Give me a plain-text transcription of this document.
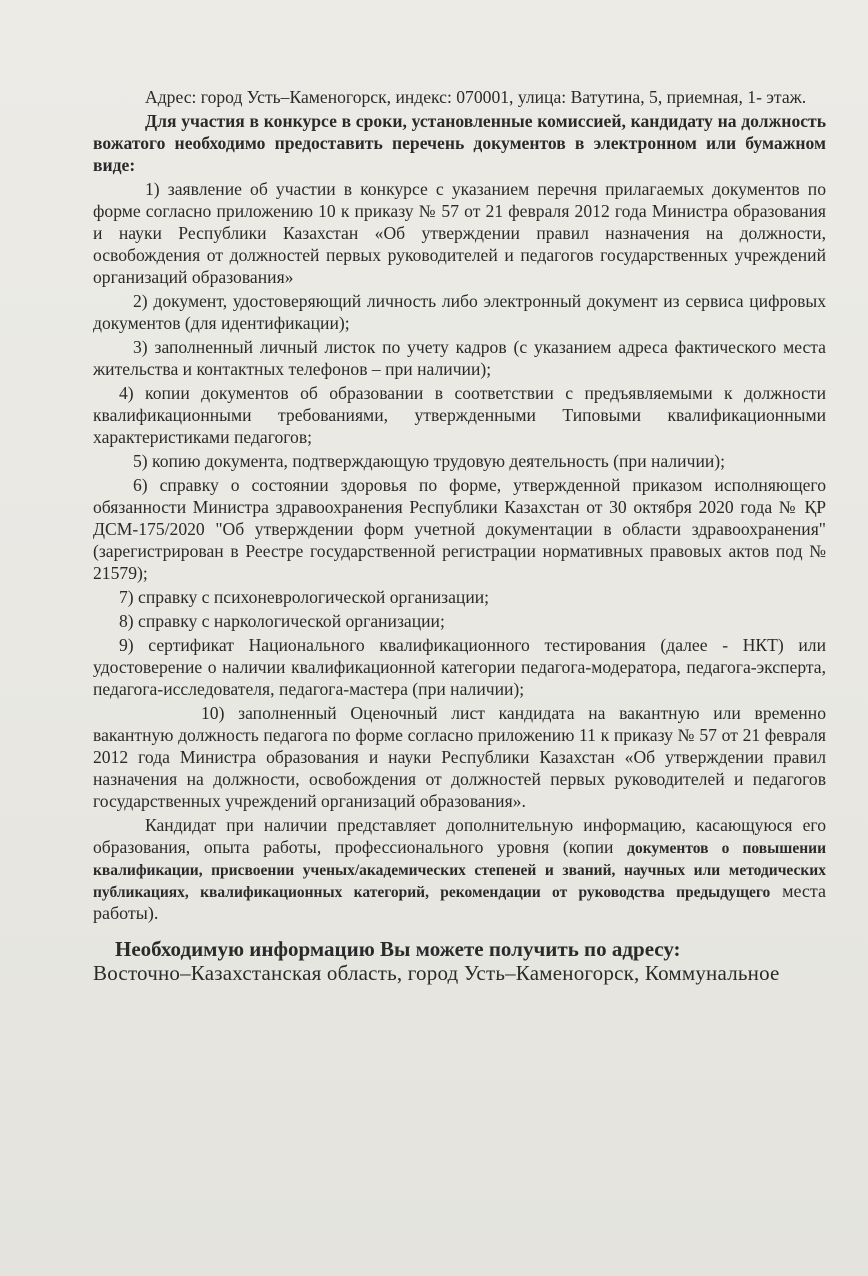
Адрес: город Усть–Каменогорск, индекс: 070001, улица: Ватутина, 5, приемная, 1- этаж.

Для участия в конкурсе в сроки, установленные комиссией, кандидату на должность вожатого необходимо предоставить перечень документов в электронном или бумажном виде:

1) заявление об участии в конкурсе с указанием перечня прилагаемых документов по форме согласно приложению 10 к приказу № 57 от 21 февраля 2012 года Министра образования и науки Республики Казахстан «Об утверждении правил назначения на должности, освобождения от должностей первых руководителей и педагогов государственных учреждений организаций образования»

2) документ, удостоверяющий личность либо электронный документ из сервиса цифровых документов (для идентификации);

3) заполненный личный листок по учету кадров (с указанием адреса фактического места жительства и контактных телефонов – при наличии);

4) копии документов об образовании в соответствии с предъявляемыми к должности квалификационными требованиями, утвержденными Типовыми квалификационными характеристиками педагогов;

5) копию документа, подтверждающую трудовую деятельность (при наличии);

6) справку о состоянии здоровья по форме, утвержденной приказом исполняющего обязанности Министра здравоохранения Республики Казахстан от 30 октября 2020 года № ҚР ДСМ-175/2020 "Об утверждении форм учетной документации в области здравоохранения" (зарегистрирован в Реестре государственной регистрации нормативных правовых актов под № 21579);

7) справку с психоневрологической организации;

8) справку с наркологической организации;

9) сертификат Национального квалификационного тестирования (далее - НКТ) или удостоверение о наличии квалификационной категории педагога-модератора, педагога-эксперта, педагога-исследователя, педагога-мастера (при наличии);

10) заполненный Оценочный лист кандидата на вакантную или временно вакантную должность педагога по форме согласно приложению 11 к приказу № 57 от 21 февраля 2012 года Министра образования и науки Республики Казахстан «Об утверждении правил назначения на должности, освобождения от должностей первых руководителей и педагогов государственных учреждений организаций образования».

Кандидат при наличии представляет дополнительную информацию, касающуюся его образования, опыта работы, профессионального уровня (копии документов о повышении квалификации, присвоении ученых/академических степеней и званий, научных или методических публикациях, квалификационных категорий, рекомендации от руководства предыдущего места работы).

Необходимую информацию Вы можете получить по адресу:

Восточно–Казахстанская область, город Усть–Каменогорск, Коммунальное
